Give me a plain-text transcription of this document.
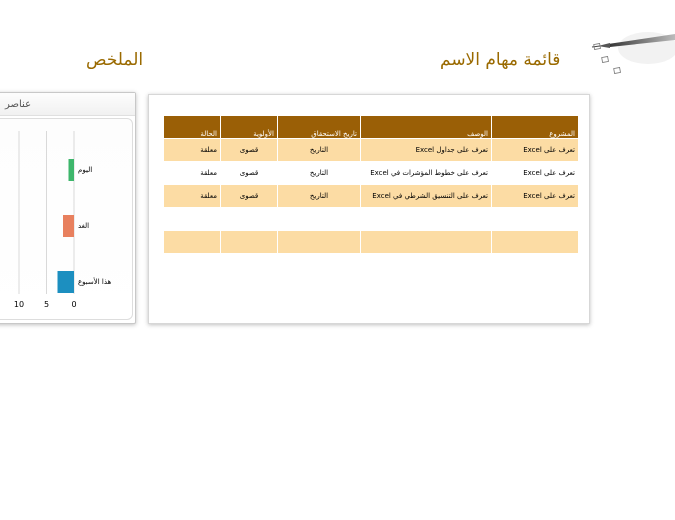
قائمة مهام الاسم
الملخص
المشروع	الوصف	تاريخ الاستحقاق	الأولوية	الحالة
تعرف على Excel	تعرف على جداول Excel	التاريخ	قصوى	معلقة
تعرف على Excel	تعرف على خطوط المؤشرات في Excel	التاريخ	قصوى	معلقة
تعرف على Excel	تعرف على التنسيق الشرطي في Excel	التاريخ	قصوى	معلقة

عناصر
اليوم
الغد
هذا الأسبوع
10 5	0
